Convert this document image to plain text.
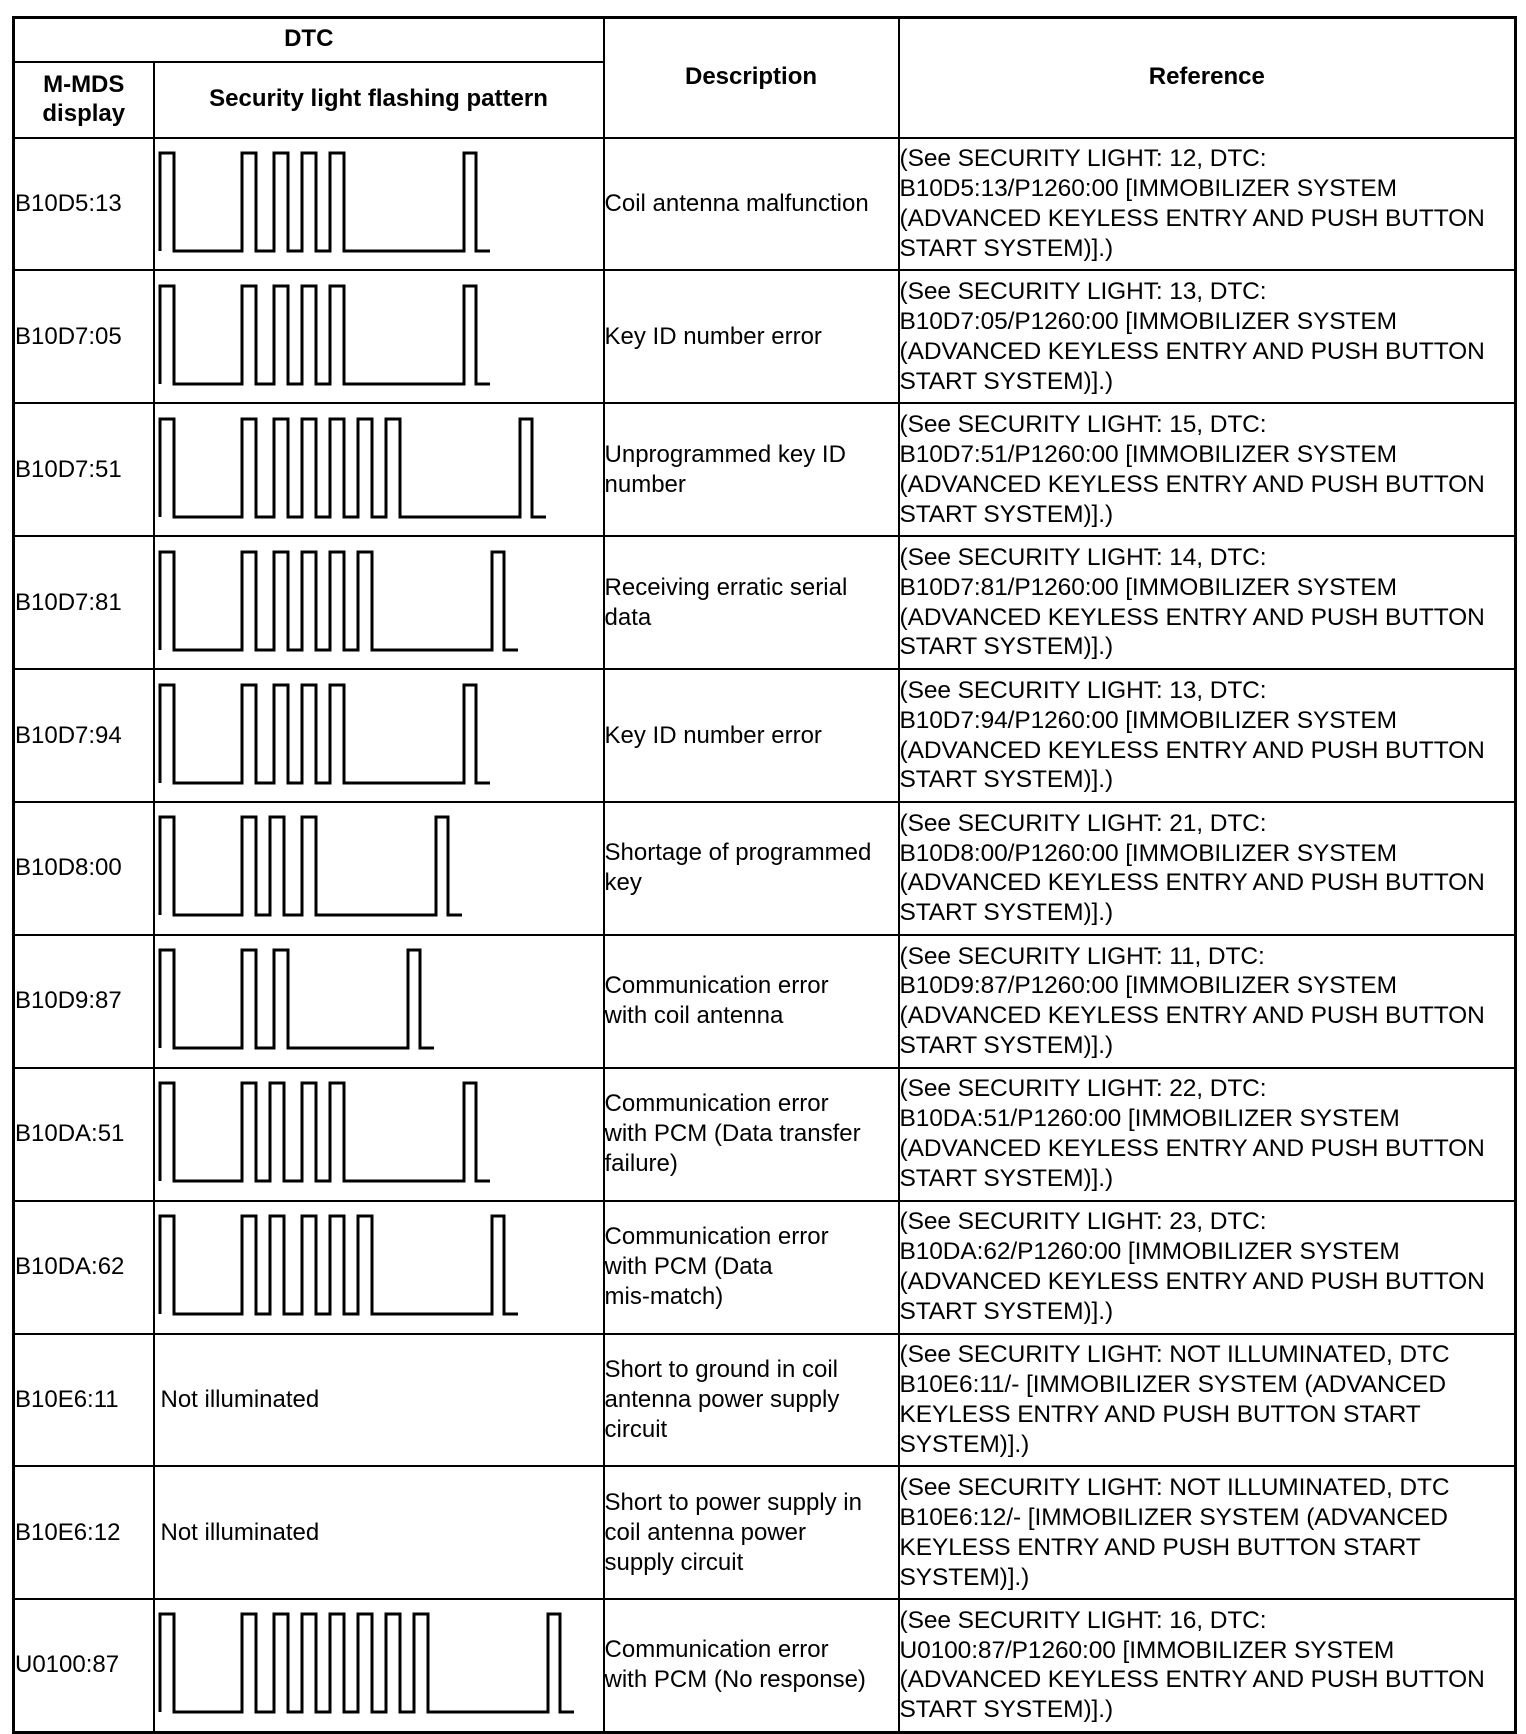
DTC		Description	Reference
M-MDS display	Security light flashing pattern		
B10D5:13		Coil antenna malfunction	(See SECURITY LIGHT: 12, DTC:
B10D5:13/P1260:00 [IMMOBILIZER SYSTEM
(ADVANCED KEYLESS ENTRY AND PUSH BUTTON
START SYSTEM)].)

B10D7:05		Key ID number error	(See SECURITY LIGHT: 13, DTC:
B10D7:05/P1260:00 [IMMOBILIZER SYSTEM
(ADVANCED KEYLESS ENTRY AND PUSH BUTTON
START SYSTEM)].)

B10D7:51		Unprogrammed key ID
number	(See SECURITY LIGHT: 15, DTC:
B10D7:51/P1260:00 [IMMOBILIZER SYSTEM
(ADVANCED KEYLESS ENTRY AND PUSH BUTTON
START SYSTEM)].)

B10D7:81		Receiving erratic serial
data	(See SECURITY LIGHT: 14, DTC:
B10D7:81/P1260:00 [IMMOBILIZER SYSTEM
(ADVANCED KEYLESS ENTRY AND PUSH BUTTON
START SYSTEM)].)

B10D7:94		Key ID number error	(See SECURITY LIGHT: 13, DTC:
B10D7:94/P1260:00 [IMMOBILIZER SYSTEM
(ADVANCED KEYLESS ENTRY AND PUSH BUTTON
START SYSTEM)].)

B10D8:00		Shortage of programmed
key	(See SECURITY LIGHT: 21, DTC:
B10D8:00/P1260:00 [IMMOBILIZER SYSTEM
(ADVANCED KEYLESS ENTRY AND PUSH BUTTON
START SYSTEM)].)

B10D9:87		Communication error
with coil antenna	(See SECURITY LIGHT: 11, DTC:
B10D9:87/P1260:00 [IMMOBILIZER SYSTEM
(ADVANCED KEYLESS ENTRY AND PUSH BUTTON
START SYSTEM)].)

B10DA:51		Communication error
with PCM (Data transfer
failure)	(See SECURITY LIGHT: 22, DTC:
B10DA:51/P1260:00 [IMMOBILIZER SYSTEM
(ADVANCED KEYLESS ENTRY AND PUSH BUTTON
START SYSTEM)].)

B10DA:62		Communication error
with PCM (Data
mis-match)	(See SECURITY LIGHT: 23, DTC:
B10DA:62/P1260:00 [IMMOBILIZER SYSTEM
(ADVANCED KEYLESS ENTRY AND PUSH BUTTON
START SYSTEM)].)

B10E6:11	Not illuminated	Short to ground in coil
antenna power supply
circuit	(See SECURITY LIGHT: NOT ILLUMINATED, DTC
B10E6:11/- [IMMOBILIZER SYSTEM (ADVANCED
KEYLESS ENTRY AND PUSH BUTTON START
SYSTEM)].)

B10E6:12	Not illuminated	Short to power supply in
coil antenna power
supply circuit	(See SECURITY LIGHT: NOT ILLUMINATED, DTC
B10E6:12/- [IMMOBILIZER SYSTEM (ADVANCED
KEYLESS ENTRY AND PUSH BUTTON START
SYSTEM)].)

U0100:87		Communication error
with PCM (No response)	(See SECURITY LIGHT: 16, DTC:
U0100:87/P1260:00 [IMMOBILIZER SYSTEM
(ADVANCED KEYLESS ENTRY AND PUSH BUTTON
START SYSTEM)].)
